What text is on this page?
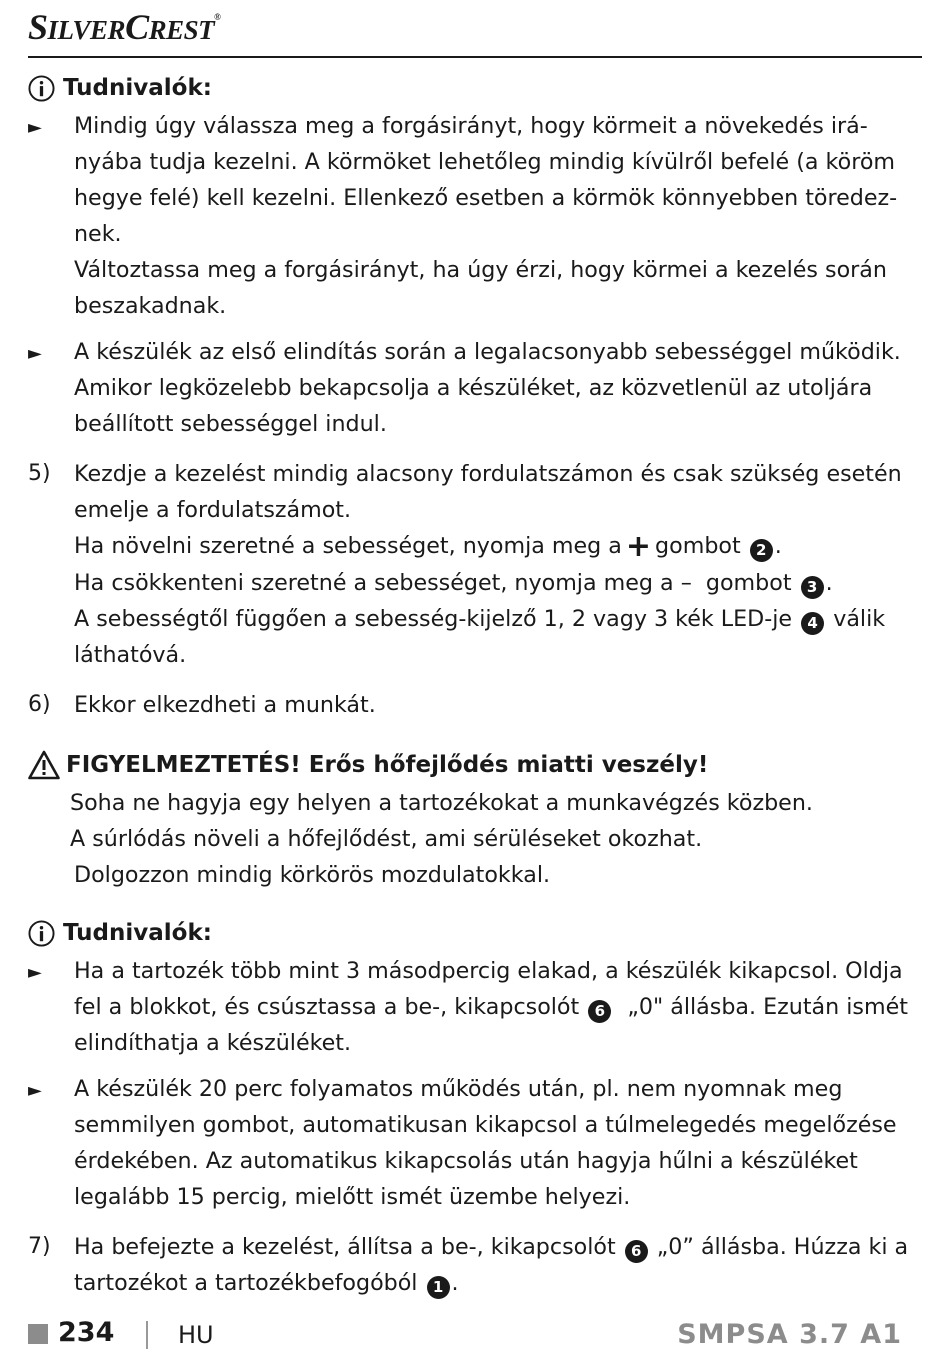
SILVERCREST®
Tudnivalók:
►	Mindig úgy válassza meg a forgásirányt, hogy körmeit a növekedés irányába tudja kezelni. A körmöket lehetőleg mindig kívülről befelé (a köröm hegye felé) kell kezelni. Ellenkező esetben a körmök könnyebben töredeznek.

Változtassa meg a forgásirányt, ha úgy érzi, hogy körmei a kezelés során beszakadnak.

►	A készülék az első elindítás során a legalacsonyabb sebességgel működik. Amikor legközelebb bekapcsolja a készüléket, az közvetlenül az utoljára beállított sebességgel indul.

5)	Kezdje a kezelést mindig alacsony fordulatszámon és csak szükség esetén emelje a fordulatszámot.

Ha növelni szeretné a sebességet, nyomja meg a + gombot 2 .

Ha csökkenteni szeretné a sebességet, nyomja meg a – gombot 3 .

A sebességtől függően a sebesség-kijelző 1, 2 vagy 3 kék LED-je 4 válik láthatóvá.

6)	Ekkor elkezdheti a munkát.

FIGYELMEZTETÉS! Erős hőfejlődés miatti veszély!

Soha ne hagyja egy helyen a tartozékokat a munkavégzés közben.

A súrlódás növeli a hőfejlődést, ami sérüléseket okozhat.

Dolgozzon mindig körkörös mozdulatokkal.

Tudnivalók:
►	Ha a tartozék több mint 3 másodpercig elakad, a készülék kikapcsol. Oldja fel a blokkot, és csúsztassa a be-, kikapcsolót 6 „0" állásba. Ezután ismét elindíthatja a készüléket.

►	A készülék 20 perc folyamatos működés után, pl. nem nyomnak meg semmilyen gombot, automatikusan kikapcsol a túlmelegedés megelőzése érdekében. Az automatikus kikapcsolás után hagyja hűlni a készüléket legalább 15 percig, mielőtt ismét üzembe helyezi.

7)	Ha befejezte a kezelést, állítsa a be-, kikapcsolót 6 „0” állásba. Húzza ki a tartozékot a tartozékbefogóból 1 .

234	HU	SMPSA 3.7 A1
